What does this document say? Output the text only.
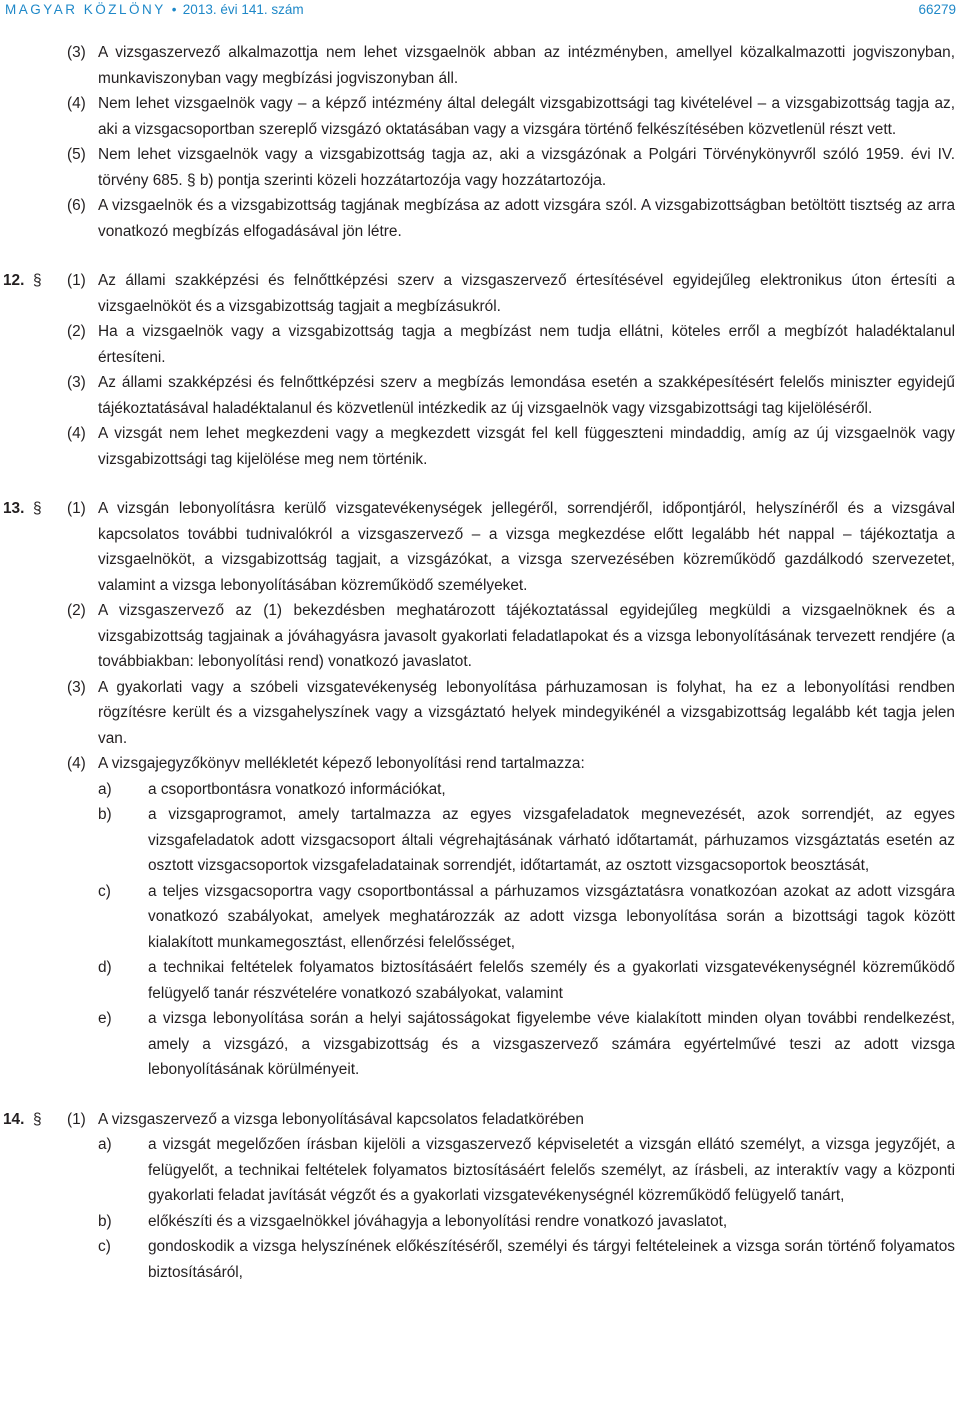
MAGYAR KÖZLÖNY • 2013. évi 141. szám	66279
(3) A vizsgaszervező alkalmazottja nem lehet vizsgaelnök abban az intézményben, amellyel közalkalmazotti jogviszonyban, munkaviszonyban vagy megbízási jogviszonyban áll.
(4) Nem lehet vizsgaelnök vagy – a képző intézmény által delegált vizsgabizottsági tag kivételével – a vizsgabizottság tagja az, aki a vizsgacsoportban szereplő vizsgázó oktatásában vagy a vizsgára történő felkészítésében közvetlenül részt vett.
(5) Nem lehet vizsgaelnök vagy a vizsgabizottság tagja az, aki a vizsgázónak a Polgári Törvénykönyvről szóló 1959. évi IV. törvény 685. § b) pontja szerinti közeli hozzátartozója vagy hozzátartozója.
(6) A vizsgaelnök és a vizsgabizottság tagjának megbízása az adott vizsgára szól. A vizsgabizottságban betöltött tisztség az arra vonatkozó megbízás elfogadásával jön létre.
12. § (1) Az állami szakképzési és felnőttképzési szerv a vizsgaszervező értesítésével egyidejűleg elektronikus úton értesíti a vizsgaelnököt és a vizsgabizottság tagjait a megbízásukról.
(2) Ha a vizsgaelnök vagy a vizsgabizottság tagja a megbízást nem tudja ellátni, köteles erről a megbízót haladéktalanul értesíteni.
(3) Az állami szakképzési és felnőttképzési szerv a megbízás lemondása esetén a szakképesítésért felelős miniszter egyidejű tájékoztatásával haladéktalanul és közvetlenül intézkedik az új vizsgaelnök vagy vizsgabizottsági tag kijelöléséről.
(4) A vizsgát nem lehet megkezdeni vagy a megkezdett vizsgát fel kell függeszteni mindaddig, amíg az új vizsgaelnök vagy vizsgabizottsági tag kijelölése meg nem történik.
13. § (1) A vizsgán lebonyolításra kerülő vizsgatevékenységek jellegéről, sorrendjéről, időpontjáról, helyszínéről és a vizsgával kapcsolatos további tudnivalókról a vizsgaszervező – a vizsga megkezdése előtt legalább hét nappal – tájékoztatja a vizsgaelnököt, a vizsgabizottság tagjait, a vizsgázókat, a vizsga szervezésében közreműködő gazdálkodó szervezetet, valamint a vizsga lebonyolításában közreműködő személyeket.
(2) A vizsgaszervező az (1) bekezdésben meghatározott tájékoztatással egyidejűleg megküldi a vizsgaelnöknek és a vizsgabizottság tagjainak a jóváhagyásra javasolt gyakorlati feladatlapokat és a vizsga lebonyolításának tervezett rendjére (a továbbiakban: lebonyolítási rend) vonatkozó javaslatot.
(3) A gyakorlati vagy a szóbeli vizsgatevékenység lebonyolítása párhuzamosan is folyhat, ha ez a lebonyolítási rendben rögzítésre került és a vizsgahelyszínek vagy a vizsgáztató helyek mindegyikénél a vizsgabizottság legalább két tagja jelen van.
(4) A vizsgajegyzőkönyv mellékletét képező lebonyolítási rend tartalmazza:
a) a csoportbontásra vonatkozó információkat,
b) a vizsgaprogramot, amely tartalmazza az egyes vizsgafeladatok megnevezését, azok sorrendjét, az egyes vizsgafeladatok adott vizsgacsoport általi végrehajtásának várható időtartamát, párhuzamos vizsgáztatás esetén az osztott vizsgacsoportok vizsgafeladatainak sorrendjét, időtartamát, az osztott vizsgacsoportok beosztását,
c) a teljes vizsgacsoportra vagy csoportbontással a párhuzamos vizsgáztatásra vonatkozóan azokat az adott vizsgára vonatkozó szabályokat, amelyek meghatározzák az adott vizsga lebonyolítása során a bizottsági tagok között kialakított munkamegosztást, ellenőrzési felelősséget,
d) a technikai feltételek folyamatos biztosításáért felelős személy és a gyakorlati vizsgatevékenységnél közreműködő felügyelő tanár részvételére vonatkozó szabályokat, valamint
e) a vizsga lebonyolítása során a helyi sajátosságokat figyelembe véve kialakított minden olyan további rendelkezést, amely a vizsgázó, a vizsgabizottság és a vizsgaszervező számára egyértelművé teszi az adott vizsga lebonyolításának körülményeit.
14. § (1) A vizsgaszervező a vizsga lebonyolításával kapcsolatos feladatkörében
a) a vizsgát megelőzően írásban kijelöli a vizsgaszervező képviseletét a vizsgán ellátó személyt, a vizsga jegyzőjét, a felügyelőt, a technikai feltételek folyamatos biztosításáért felelős személyt, az írásbeli, az interaktív vagy a központi gyakorlati feladat javítását végzőt és a gyakorlati vizsgatevékenységnél közreműködő felügyelő tanárt,
b) előkészíti és a vizsgaelnökkel jóváhagyja a lebonyolítási rendre vonatkozó javaslatot,
c) gondoskodik a vizsga helyszínének előkészítéséről, személyi és tárgyi feltételeinek a vizsga során történő folyamatos biztosításáról,
